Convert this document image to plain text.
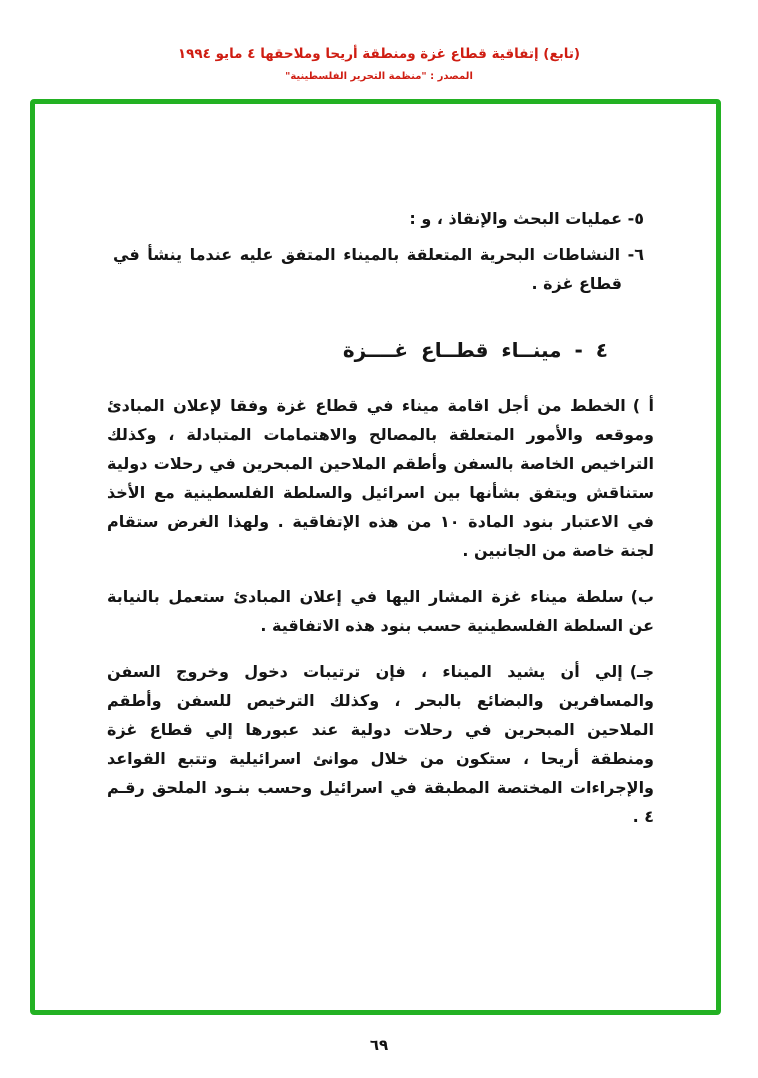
(تابع) إتفاقية قطاع غزة ومنطقة أريحا وملاحقها ٤ مايو ١٩٩٤
المصدر : "منظمة التحرير الفلسطينية"
٥- عمليات البحث والإنقاذ ، و :
٦- النشاطات البحرية المتعلقة بالميناء المتفق عليه عندما ينشأ في قطاع غزة .
٤ - مينــاء قطــاع غــــزة
أ )الخطط من أجل اقامة ميناء في قطاع غزة وفقا لإعلان المبادئ وموقعه والأمور المتعلقة بالمصالح والاهتمامات المتبادلة ، وكذلك التراخيص الخاصة بالسفن وأطقم الملاحين المبحرين في رحلات دولية ستناقش ويتفق بشأنها بين اسرائيل والسلطة الفلسطينية مع الأخذ في الاعتبار بنود المادة ١٠ من هذه الإتفاقية . ولهذا الغرض ستقام لجنة خاصة من الجانبين .
ب)سلطة ميناء غزة المشار اليها في إعلان المبادئ ستعمل بالنيابة عن السلطة الفلسطينية حسب بنود هذه الاتفاقية .
جـ)إلي أن يشيد الميناء ، فإن ترتيبات دخول وخروج السفن والمسافرين والبضائع بالبحر ، وكذلك الترخيص للسفن وأطقم الملاحين المبحرين في رحلات دولية عند عبورها إلي قطاع غزة ومنطقة أريحا ، ستكون من خلال موانئ اسرائيلية وتتبع القواعد والإجراءات المختصة المطبقة في اسرائيل وحسب بنـود الملحق رقـم ٤ .
٦٩
